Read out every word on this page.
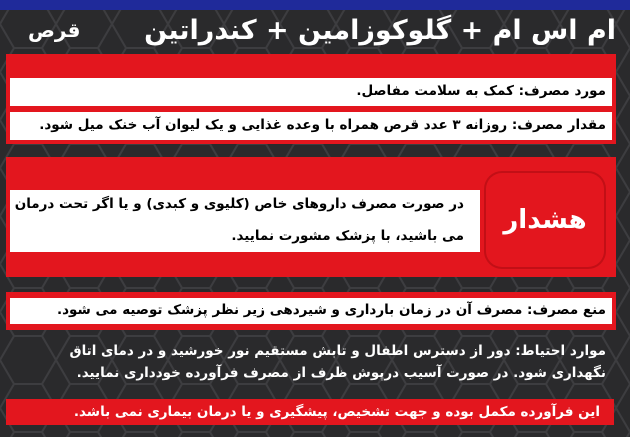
ام اس ام + گلوکوزامین + کندراتین
قرص
مورد مصرف: کمک به سلامت مفاصل.
مقدار مصرف: روزانه ۳ عدد قرص همراه با وعده غذایی و یک لیوان آب خنک میل شود.
در صورت مصرف داروهای خاص (کلیوی و کبدی) و یا اگر تحت درمان
می باشید، با پزشک مشورت نمایید.
هشدار
منع مصرف: مصرف آن در زمان بارداری و شیردهی زیر نظر پزشک توصیه می شود.
موارد احتیاط: دور از دسترس اطفال و تابش مستقیم نور خورشید و در دمای اتاق
نگهداری شود. در صورت آسیب درپوش ظرف از مصرف فرآورده خودداری نمایید.
این فرآورده مکمل بوده و جهت تشخیص، پیشگیری و یا درمان بیماری نمی باشد.
